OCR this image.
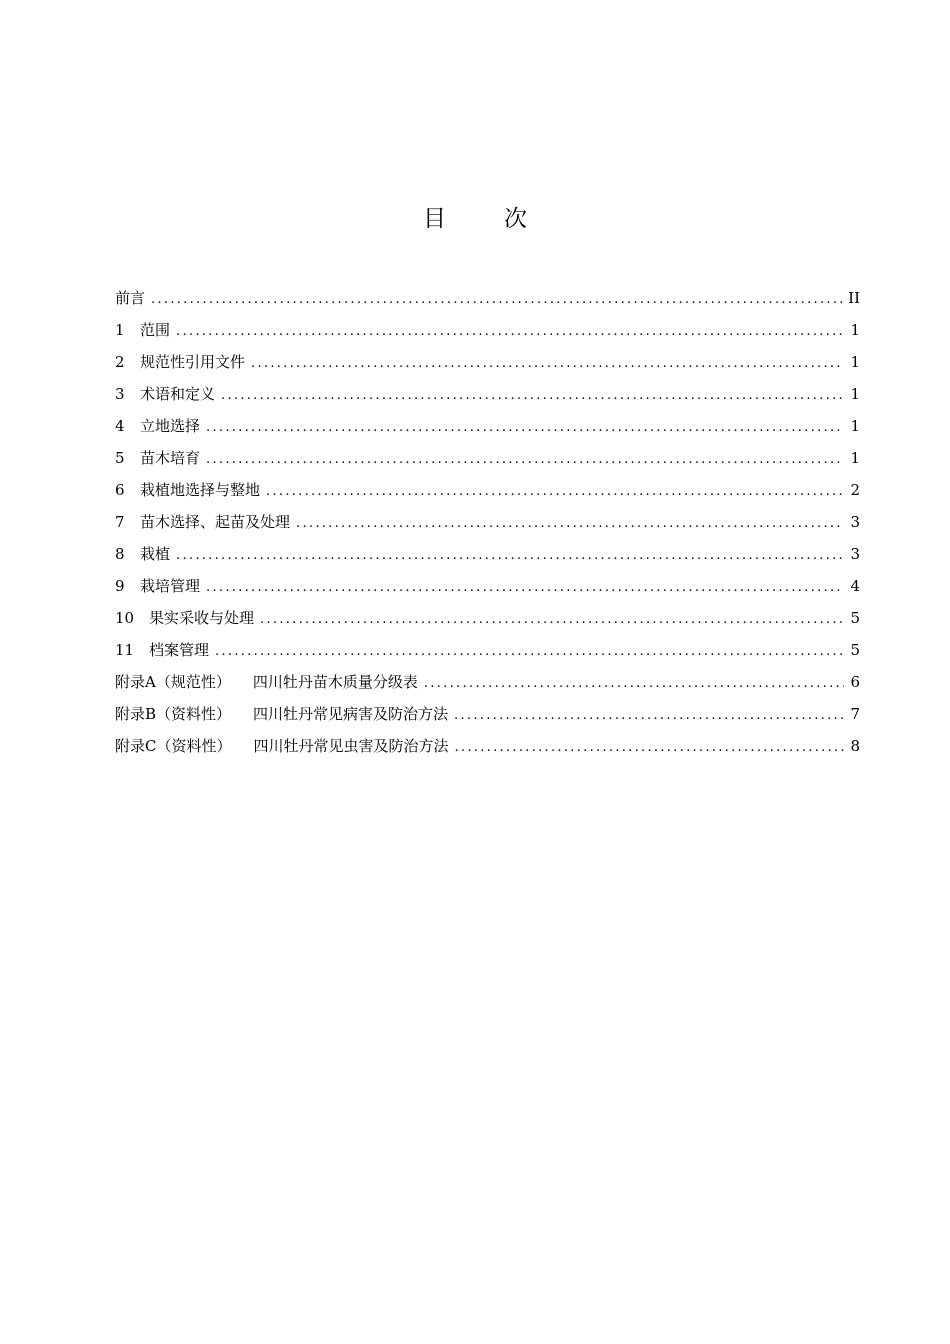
目	次
前言 .....	II
1	范围 .....	1
2	规范性引用文件 .....	1
3	术语和定义 .....	1
4	立地选择 .....	1
5	苗木培育 .....	1
6	栽植地选择与整地 .....	2
7	苗木选择、起苗及处理 .....	3
8	栽植 .....	3
9	栽培管理 .....	4
10 果实采收与处理 .....	5
11 档案管理 .....	5
附录A（规范性） 四川牡丹苗木质量分级表 .....	6
附录B（资料性） 四川牡丹常见病害及防治方法 .....	7
附录C（资料性） 四川牡丹常见虫害及防治方法 .....	8
